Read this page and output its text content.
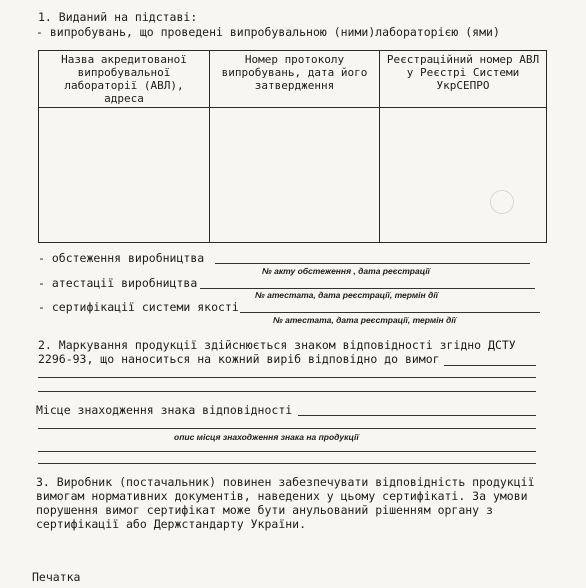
1. Виданий на підставі:
- випробувань, що проведені випробувальною (ними)лабораторією (ями)
Назва акредитованої випробувальної лабораторії (АВЛ), адреса	Номер протоколу випробувань, дата його затвердження	Реєстраційний номер АВЛ у Реєстрі Системи УкрСЕПРО

- обстеження виробництва
№ акту обстеження , дата реєстрації
- атестації виробництва
№ атестата, дата реєстрації, термін дії
- сертифікації системи якості
№ атестата, дата реєстрації, термін дії
2. Маркування продукції здійснюється знаком відповідності згідно ДСТУ
2296-93, що наноситься на кожний виріб відповідно до вимог
Місце знаходження знака відповідності
опис місця знаходження знака на продукції
3. Виробник (постачальник) повинен забезпечувати відповідність продукції
вимогам нормативних документів, наведених у цьому сертифікаті. За умови
порушення вимог сертифікат може бути анульований рішенням органу з
сертифікації або Держстандарту України.
Печатка
